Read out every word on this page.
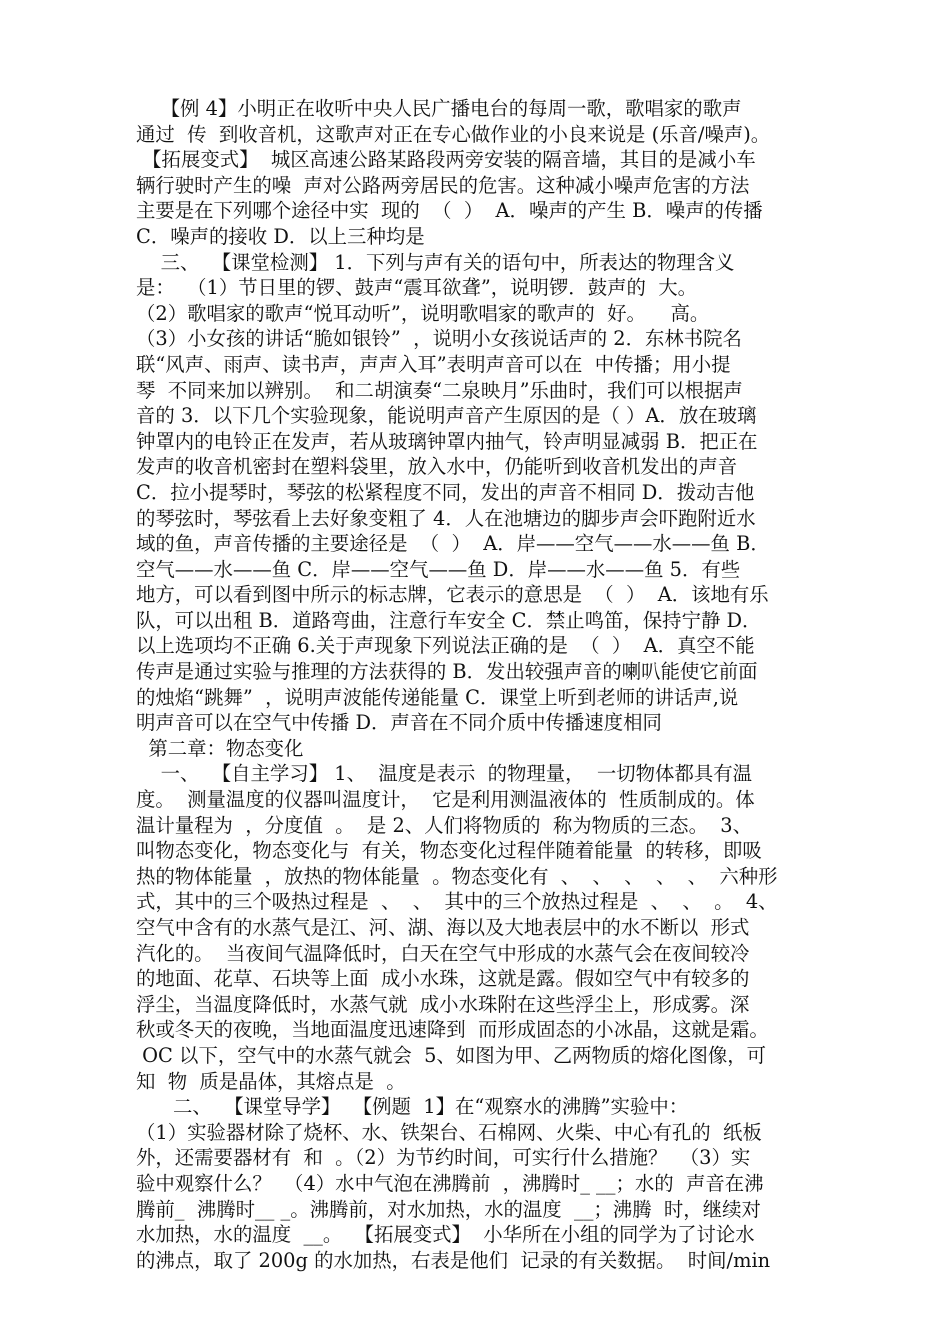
【例 4】小明正在收听中央人民广播电台的每周一歌，歌唱家的歌声
通过  传  到收音机，这歌声对正在专心做作业的小良来说是 (乐音/噪声)。
【拓展变式】  城区高速公路某路段两旁安装的隔音墙，其目的是减小车
辆行驶时产生的噪  声对公路两旁居民的危害。这种减小噪声危害的方法
主要是在下列哪个途径中实  现的  （  ）  A．噪声的产生 B．噪声的传播
C．噪声的接收 D．以上三种均是
三、  【课堂检测】 1．下列与声有关的语句中，所表达的物理含义
是：  （1）节日里的锣、鼓声“震耳欲聋”，说明锣．鼓声的  大。
（2）歌唱家的歌声“悦耳动听”，说明歌唱家的歌声的  好。    高。
（3）小女孩的讲话“脆如银铃”  ，说明小女孩说话声的 2．东林书院名
联“风声、雨声、读书声，声声入耳”表明声音可以在  中传播；用小提
琴  不同来加以辨别。  和二胡演奏“二泉映月”乐曲时，我们可以根据声
音的 3．以下几个实验现象，能说明声音产生原因的是（ ）A．放在玻璃
钟罩内的电铃正在发声，若从玻璃钟罩内抽气，铃声明显减弱 B．把正在
发声的收音机密封在塑料袋里，放入水中，仍能听到收音机发出的声音
C．拉小提琴时，琴弦的松紧程度不同，发出的声音不相同 D．拨动吉他
的琴弦时，琴弦看上去好象变粗了 4．人在池塘边的脚步声会吓跑附近水
域的鱼，声音传播的主要途径是  （  ）  A．岸——空气——水——鱼 B．
空气——水——鱼 C．岸——空气——鱼 D．岸——水——鱼 5．有些
地方，可以看到图中所示的标志牌，它表示的意思是  （  ）  A．该地有乐
队，可以出租 B．道路弯曲，注意行车安全 C．禁止鸣笛，保持宁静 D．
以上选项均不正确 6.关于声现象下列说法正确的是  （  ）  A．真空不能
传声是通过实验与推理的方法获得的 B．发出较强声音的喇叭能使它前面
的烛焰“跳舞”  ，说明声波能传递能量 C．课堂上听到老师的讲话声,说
明声音可以在空气中传播 D．声音在不同介质中传播速度相同
第二章：物态变化
一、  【自主学习】 1、  温度是表示  的物理量，  一切物体都具有温
度。  测量温度的仪器叫温度计，  它是利用测温液体的  性质制成的。体
温计量程为  ，分度值  。  是 2、人们将物质的  称为物质的三态。  3、
叫物态变化，物态变化与  有关，物态变化过程伴随着能量  的转移，即吸
热的物体能量  ，放热的物体能量  。物态变化有  、  、  、  、  、  六种形
式，其中的三个吸热过程是  、  、  其中的三个放热过程是  、  、  。  4、
空气中含有的水蒸气是江、河、湖、海以及大地表层中的水不断以  形式
汽化的。  当夜间气温降低时，白天在空气中形成的水蒸气会在夜间较冷
的地面、花草、石块等上面  成小水珠，这就是露。假如空气中有较多的
浮尘，当温度降低时，水蒸气就  成小水珠附在这些浮尘上，形成雾。深
秋或冬天的夜晚，当地面温度迅速降到  而形成固态的小冰晶，这就是霜。
OC 以下，空气中的水蒸气就会  5、如图为甲、乙两物质的熔化图像，可
知  物  质是晶体，其熔点是  。
二、  【课堂导学】  【例题  1】在“观察水的沸腾”实验中：
（1）实验器材除了烧杯、水、铁架台、石棉网、火柴、中心有孔的  纸板
外，还需要器材有  和  。（2）为节约时间，可实行什么措施？  （3）实
验中观察什么？  （4）水中气泡在沸腾前  ，沸腾时_ __；水的  声音在沸
腾前_  沸腾时__ _。沸腾前，对水加热，水的温度  __；沸腾  时，继续对
水加热，水的温度  __。  【拓展变式】  小华所在小组的同学为了讨论水
的沸点，取了 200g 的水加热，右表是他们  记录的有关数据。  时间/min
